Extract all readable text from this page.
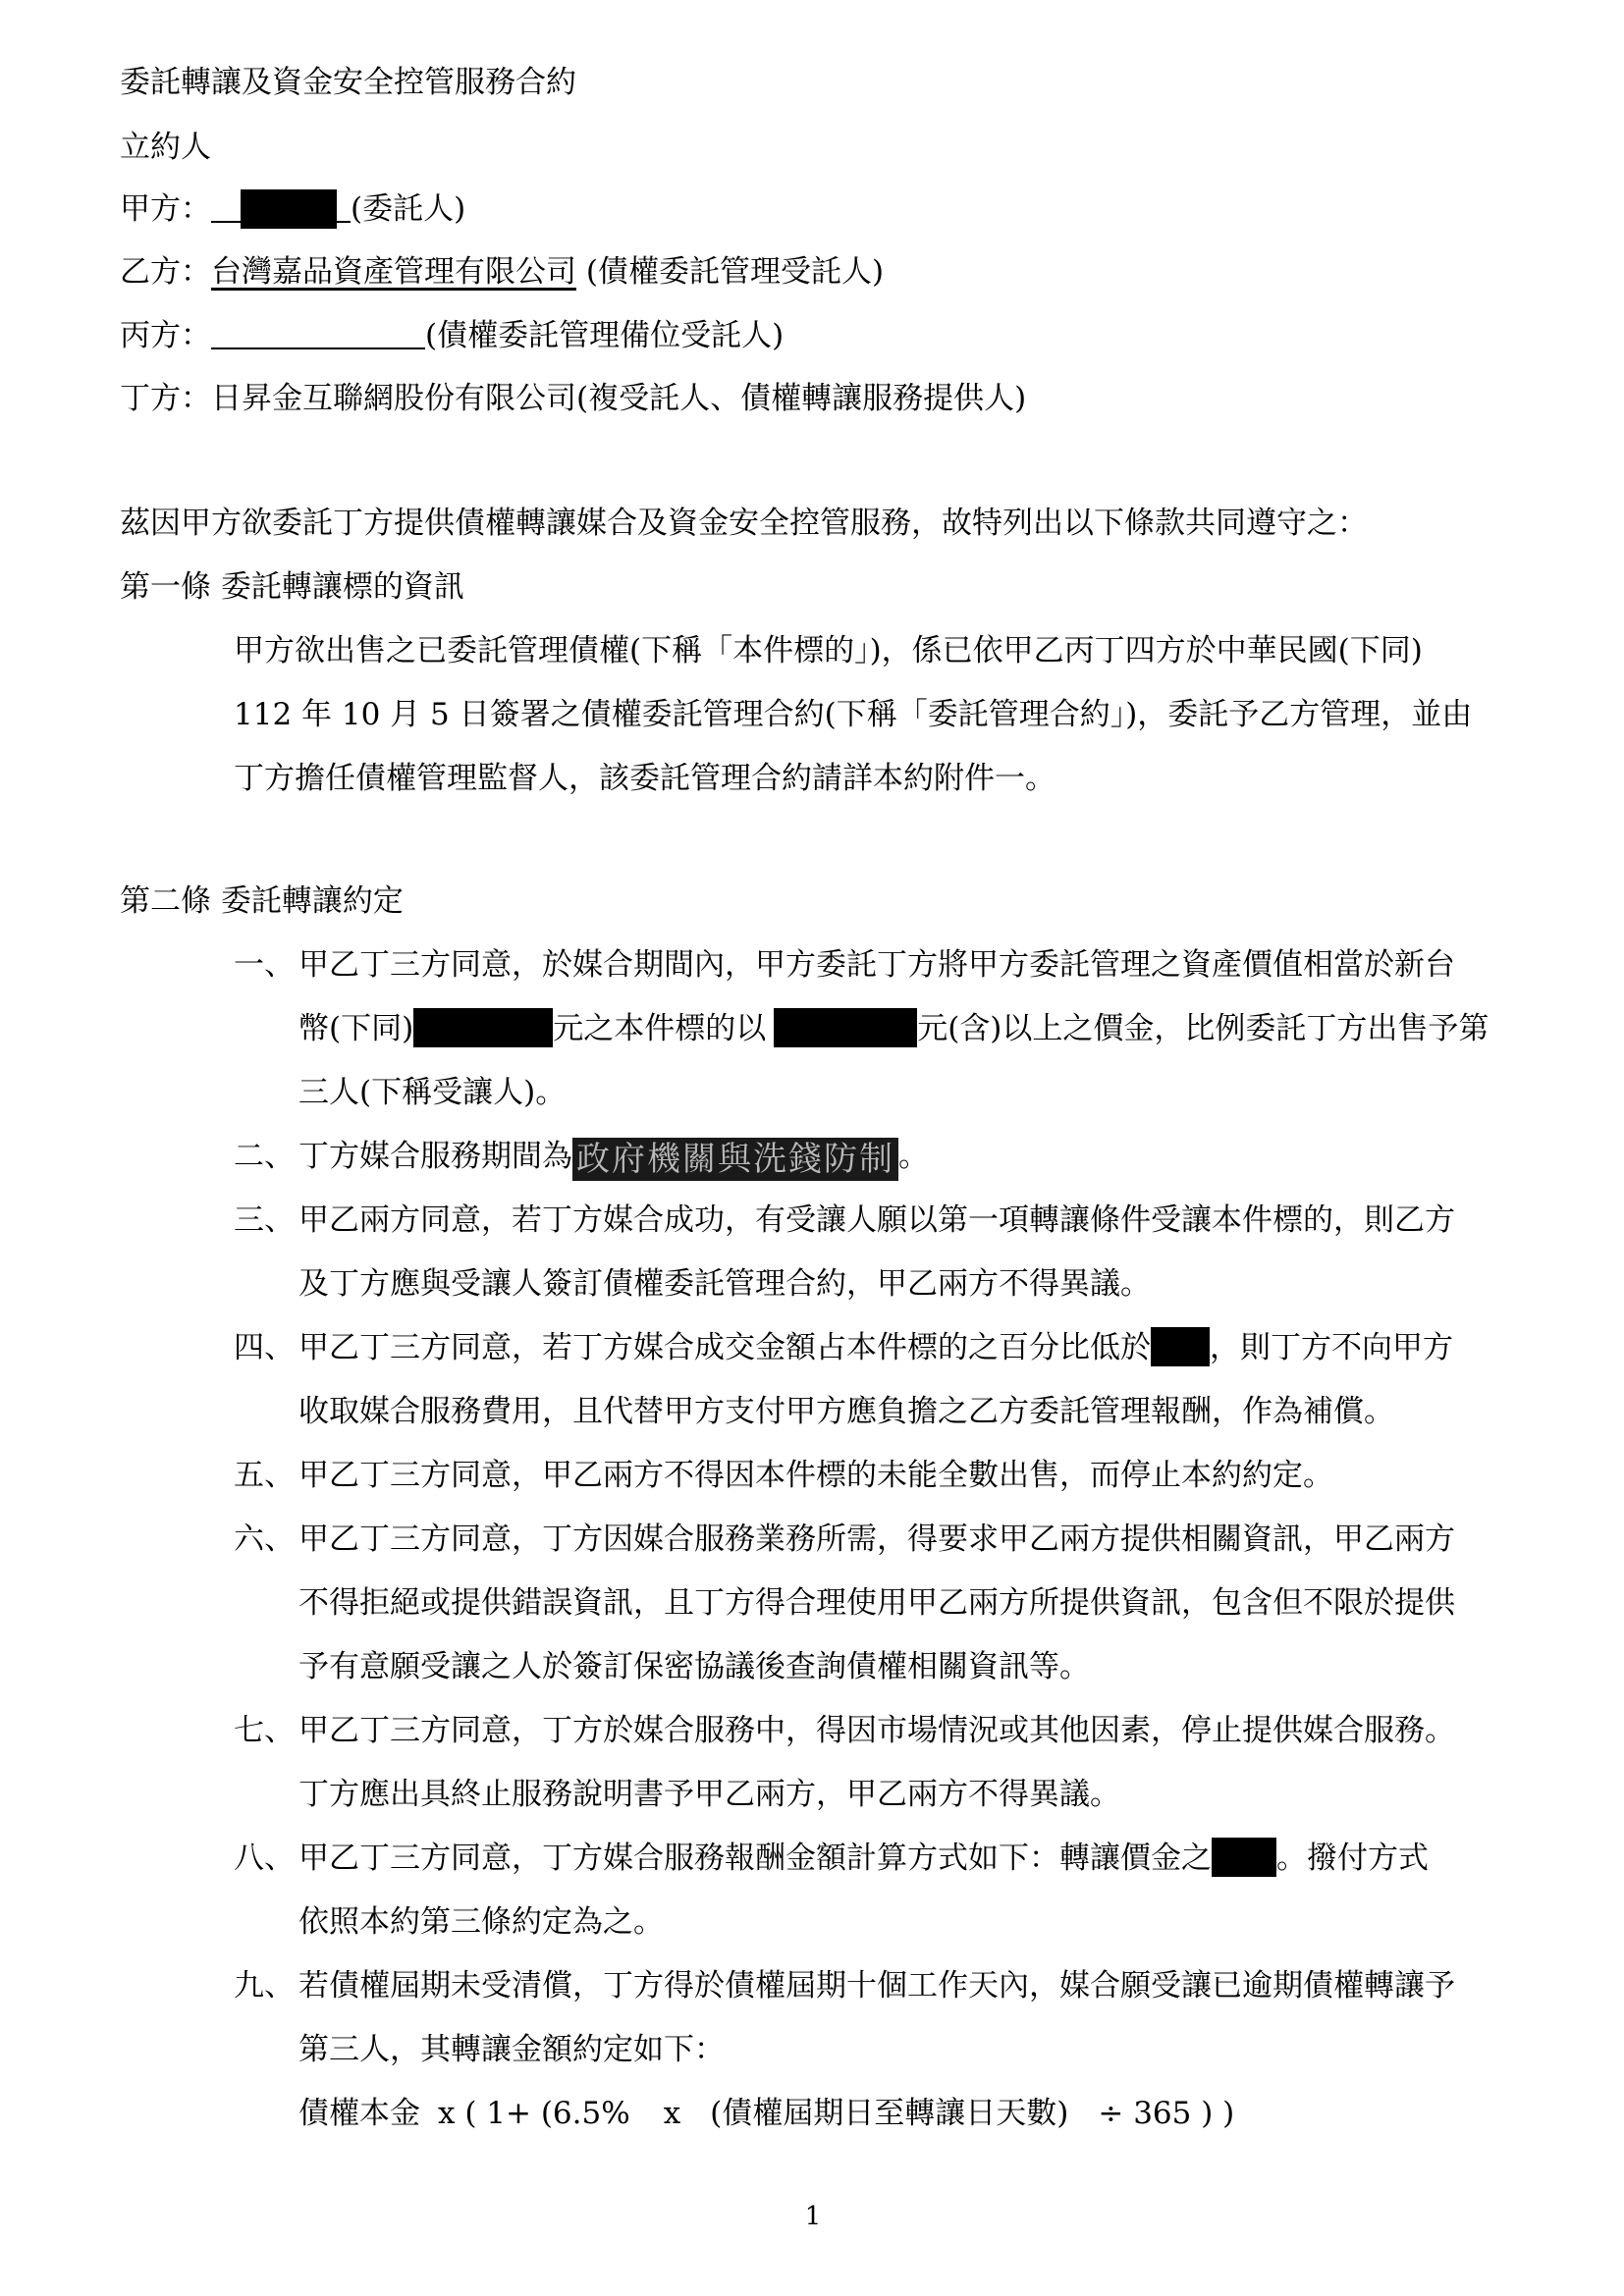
委託轉讓及資金安全控管服務合約
立約人
甲方：	(委託人)
乙方：台灣嘉品資產管理有限公司 (債權委託管理受託人)
丙方：	(債權委託管理備位受託人)
丁方：日昇金互聯網股份有限公司(複受託人、債權轉讓服務提供人)
茲因甲方欲委託丁方提供債權轉讓媒合及資金安全控管服務，故特列出以下條款共同遵守之：
第一條 委託轉讓標的資訊
甲方欲出售之已委託管理債權(下稱「本件標的」)，係已依甲乙丙丁四方於中華民國(下同)
112 年 10 月 5 日簽署之債權委託管理合約(下稱「委託管理合約」)，委託予乙方管理，並由
丁方擔任債權管理監督人，該委託管理合約請詳本約附件一。
第二條 委託轉讓約定
一、 甲乙丁三方同意，於媒合期間內，甲方委託丁方將甲方委託管理之資產價值相當於新台
幣(下同)	元之本件標的以	元(含)以上之價金，比例委託丁方出售予第
三人(下稱受讓人)。
二、 丁方媒合服務期間為 政府機關與洗錢防制 。
三、 甲乙兩方同意，若丁方媒合成功，有受讓人願以第一項轉讓條件受讓本件標的，則乙方
及丁方應與受讓人簽訂債權委託管理合約，甲乙兩方不得異議。
四、 甲乙丁三方同意，若丁方媒合成交金額占本件標的之百分比低於 ，則丁方不向甲方
收取媒合服務費用，且代替甲方支付甲方應負擔之乙方委託管理報酬，作為補償。
五、 甲乙丁三方同意，甲乙兩方不得因本件標的未能全數出售，而停止本約約定。
六、 甲乙丁三方同意，丁方因媒合服務業務所需，得要求甲乙兩方提供相關資訊，甲乙兩方
不得拒絕或提供錯誤資訊，且丁方得合理使用甲乙兩方所提供資訊，包含但不限於提供
予有意願受讓之人於簽訂保密協議後查詢債權相關資訊等。
七、 甲乙丁三方同意，丁方於媒合服務中，得因市場情況或其他因素，停止提供媒合服務。
丁方應出具終止服務說明書予甲乙兩方，甲乙兩方不得異議。
八、 甲乙丁三方同意，丁方媒合服務報酬金額計算方式如下：轉讓價金之 。撥付方式
依照本約第三條約定為之。
九、 若債權屆期未受清償，丁方得於債權屆期十個工作天內，媒合願受讓已逾期債權轉讓予
第三人，其轉讓金額約定如下：
債權本金 x ( 1+ (6.5% x (債權屆期日至轉讓日天數) ÷ 365 ) )
1
